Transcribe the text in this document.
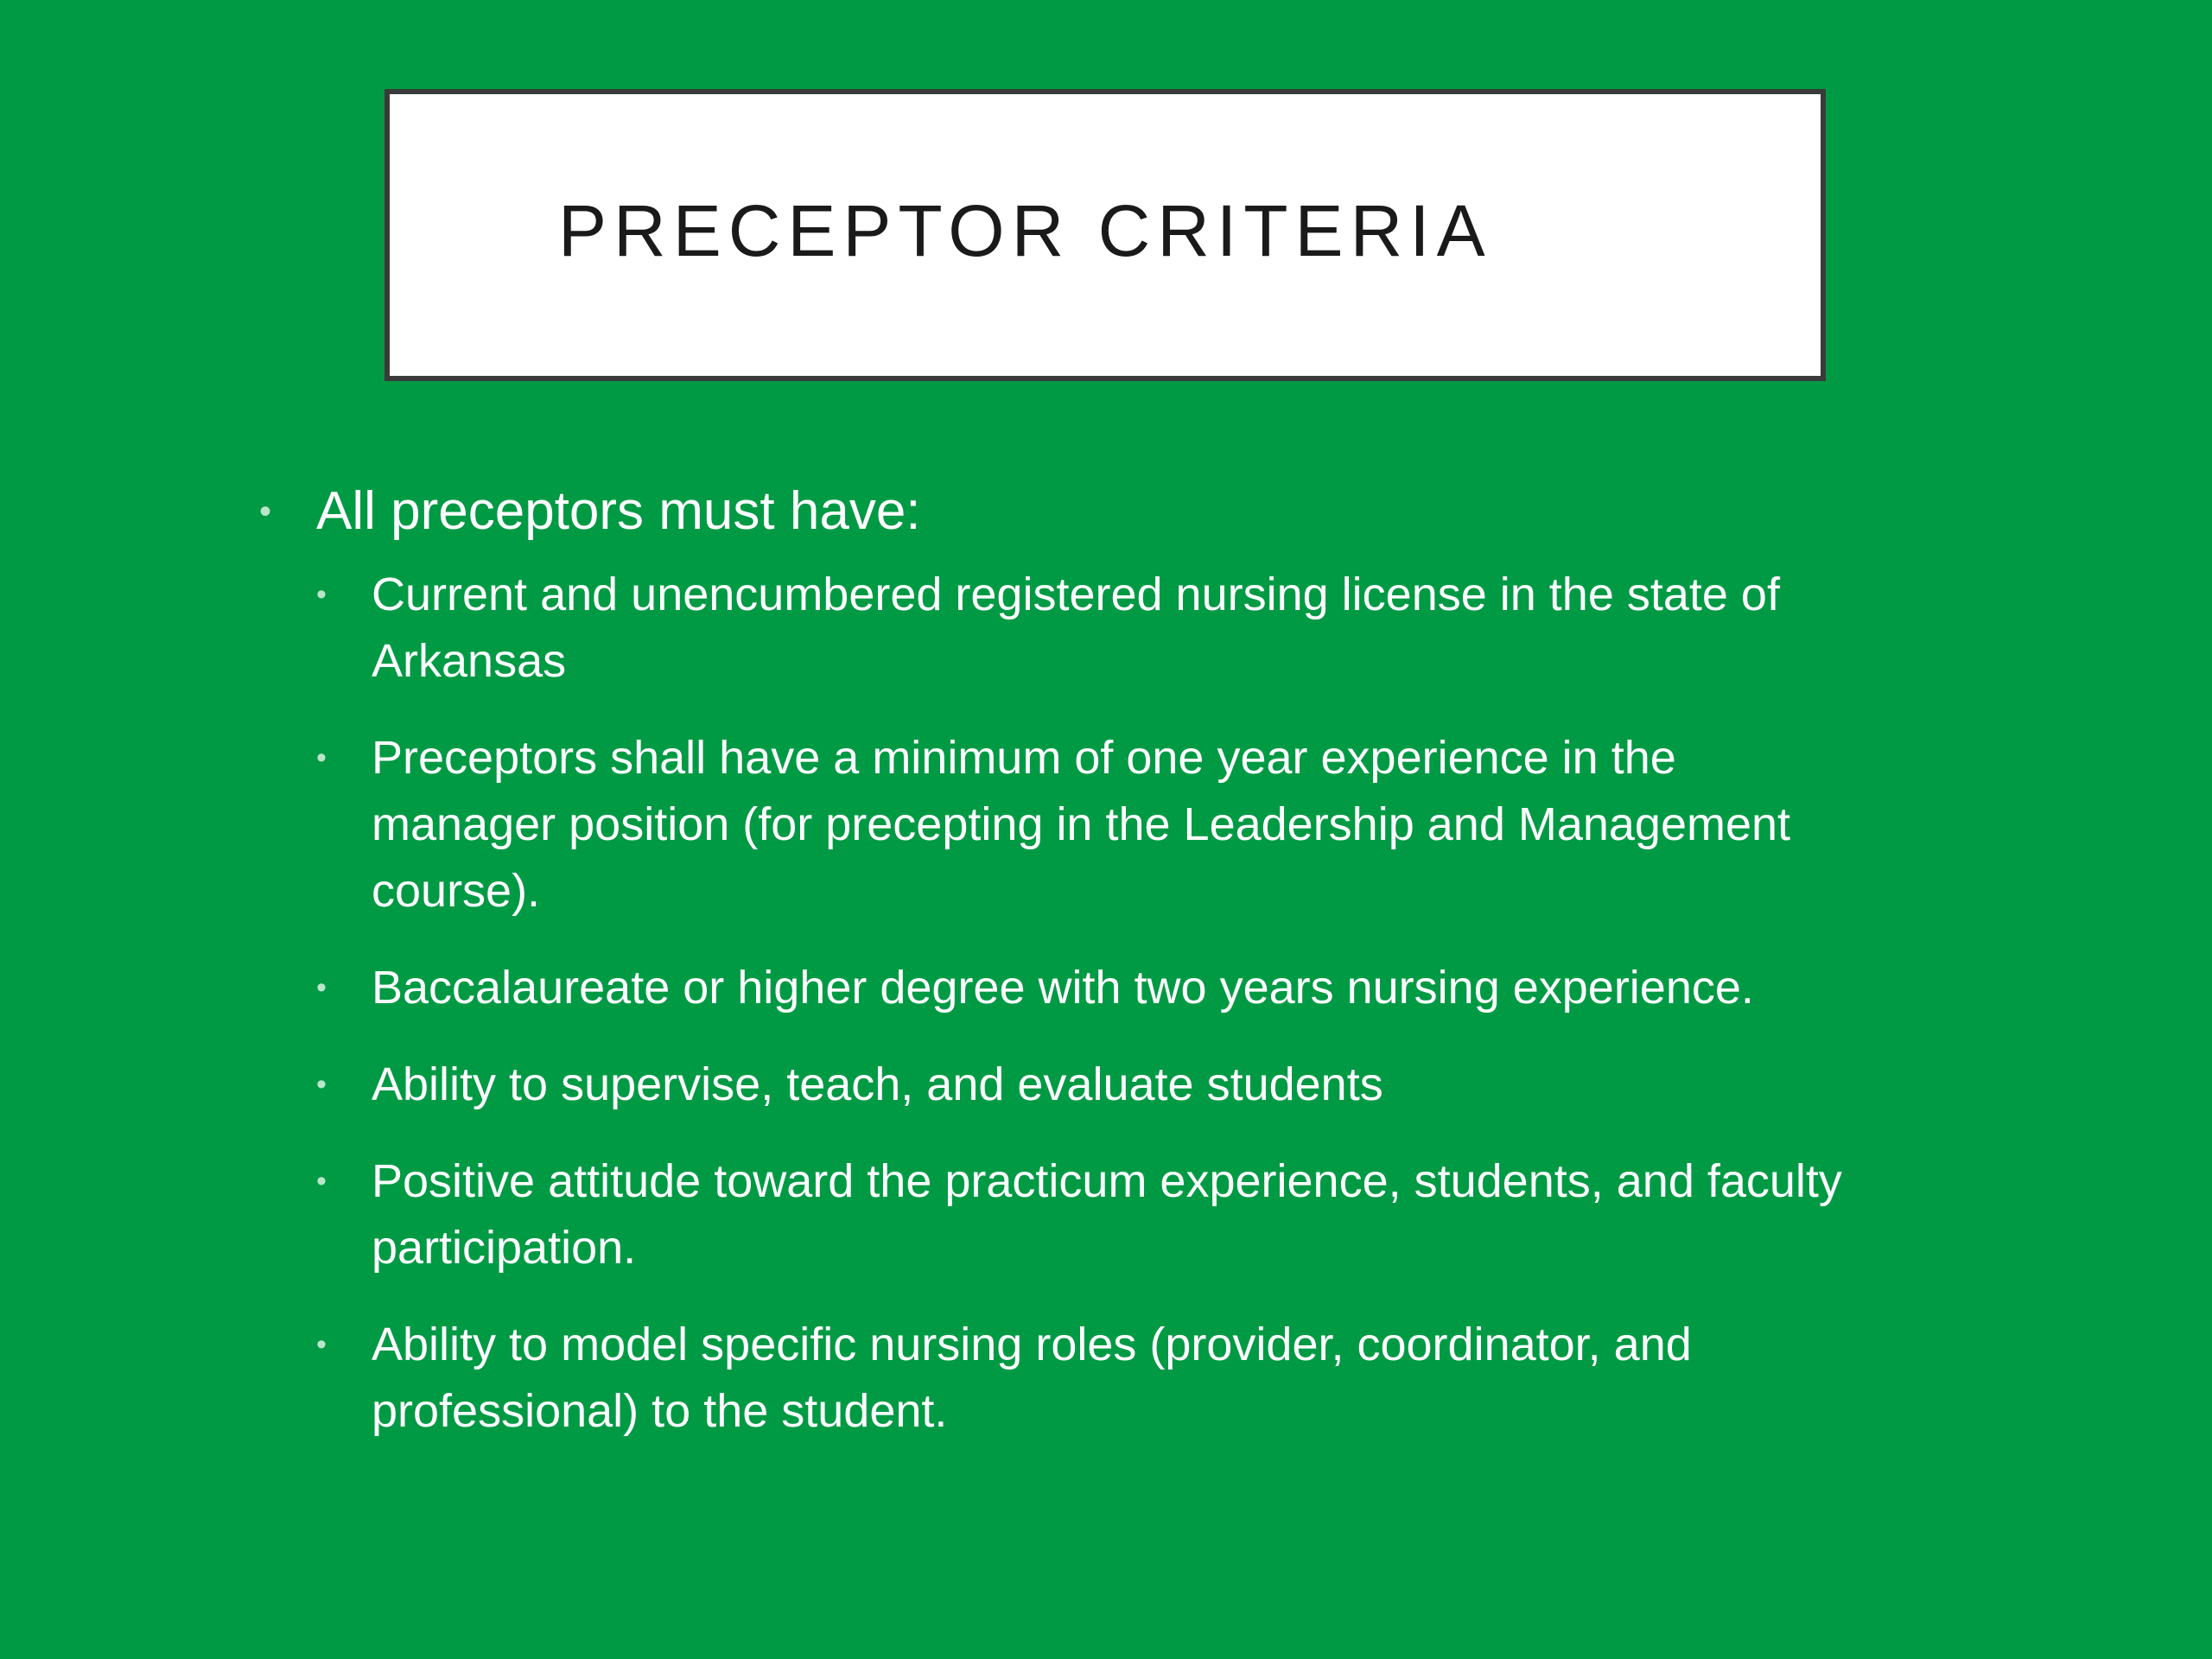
PRECEPTOR CRITERIA
• All preceptors must have:
• Current and unencumbered registered nursing license in the state of Arkansas
• Preceptors shall have a minimum of one year experience in the manager position (for precepting in the Leadership and Management course).
• Baccalaureate or higher degree with two years nursing experience.
• Ability to supervise, teach, and evaluate students
• Positive attitude toward the practicum experience, students, and faculty participation.
• Ability to model specific nursing roles (provider, coordinator, and professional) to the student.
